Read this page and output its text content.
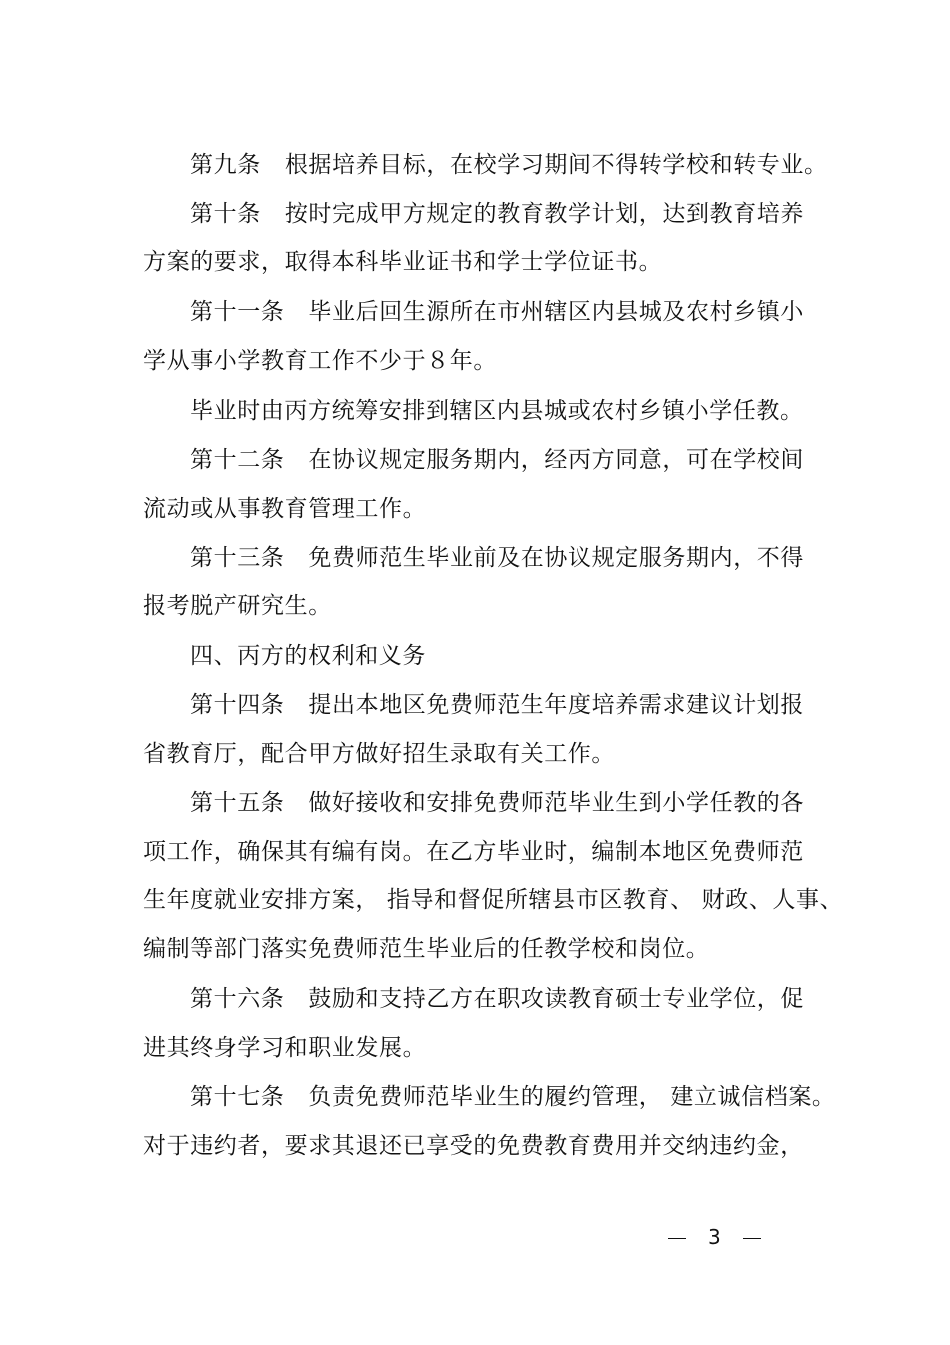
第九条 根据培养目标，在校学习期间不得转学校和转专业。
第十条 按时完成甲方规定的教育教学计划，达到教育培养
方案的要求，取得本科毕业证书和学士学位证书。
第十一条 毕业后回生源所在市州辖区内县城及农村乡镇小
学从事小学教育工作不少于８年。
毕业时由丙方统筹安排到辖区内县城或农村乡镇小学任教。
第十二条 在协议规定服务期内，经丙方同意，可在学校间
流动或从事教育管理工作。
第十三条 免费师范生毕业前及在协议规定服务期内，不得
报考脱产研究生。
四、丙方的权利和义务
第十四条 提出本地区免费师范生年度培养需求建议计划报
省教育厅，配合甲方做好招生录取有关工作。
第十五条 做好接收和安排免费师范毕业生到小学任教的各
项工作，确保其有编有岗。在乙方毕业时，编制本地区免费师范
生年度就业安排方案， 指导和督促所辖县市区教育、 财政、人事、
编制等部门落实免费师范生毕业后的任教学校和岗位。
第十六条 鼓励和支持乙方在职攻读教育硕士专业学位，促
进其终身学习和职业发展。
第十七条 负责免费师范毕业生的履约管理， 建立诚信档案。
对于违约者，要求其退还已享受的免费教育费用并交纳违约金，
3
